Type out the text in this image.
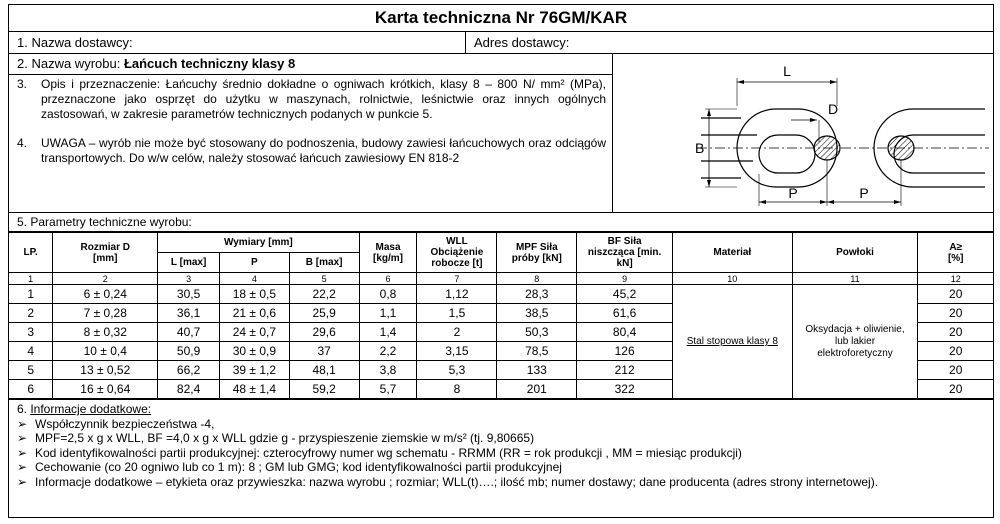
Karta techniczna Nr 76GM/KAR
1. Nazwa dostawcy:	Adres dostawcy:
2. Nazwa wyrobu: Łańcuch techniczny klasy 8
3.	Opis i przeznaczenie: Łańcuchy średnio dokładne o ogniwach krótkich, klasy 8 – 800 N/ mm² (MPa), przeznaczone jako osprzęt do użytku w maszynach, rolnictwie, leśnictwie oraz innych ogólnych zastosowań, w zakresie parametrów technicznych podanych w punkcie 5.
4.	UWAGA – wyrób nie może być stosowany do podnoszenia, budowy zawiesi łańcuchowych oraz odciągów transportowych. Do w/w celów, należy stosować łańcuch zawiesiowy EN 818-2
L
D
B
P	P
5. Parametry techniczne wyrobu:
LP.	Rozmiar D [mm]	Wymiary [mm]			Masa [kg/m]	WLL Obciążenie robocze [t]	MPF Siła próby [kN]	BF Siła niszcząca [min. kN]	Materiał	Powłoki	A≥ [%]
		L [max]	P	B [max]							
1	2	3	4	5	6	7	8	9	10	11	12
1	6 ± 0,24	30,5	18 ± 0,5	22,2	0,8	1,12	28,3	45,2	Stal stopowa klasy 8	Oksydacja + oliwienie, lub lakier elektroforetyczny	20
2	7 ± 0,28	36,1	21 ± 0,6	25,9	1,1	1,5	38,5	61,6			20
3	8 ± 0,32	40,7	24 ± 0,7	29,6	1,4	2	50,3	80,4			20
4	10 ± 0,4	50,9	30 ± 0,9	37	2,2	3,15	78,5	126			20
5	13 ± 0,52	66,2	39 ± 1,2	48,1	3,8	5,3	133	212			20
6	16 ± 0,64	82,4	48 ± 1,4	59,2	5,7	8	201	322			20
6. Informacje dodatkowe:
➢ Współczynnik bezpieczeństwa -4,
➢ MPF=2,5 x g x WLL, BF =4,0 x g x WLL gdzie g - przyspieszenie ziemskie w m/s² (tj. 9,80665)
➢ Kod identyfikowalności partii produkcyjnej: czterocyfrowy numer wg schematu - RRMM (RR = rok produkcji , MM = miesiąc produkcji)
➢ Cechowanie (co 20 ogniwo lub co 1 m): 8 ; GM lub GMG; kod identyfikowalności partii produkcyjnej
➢ Informacje dodatkowe – etykieta oraz przywieszka: nazwa wyrobu ; rozmiar; WLL(t)….; ilość mb; numer dostawy; dane producenta (adres strony internetowej).
